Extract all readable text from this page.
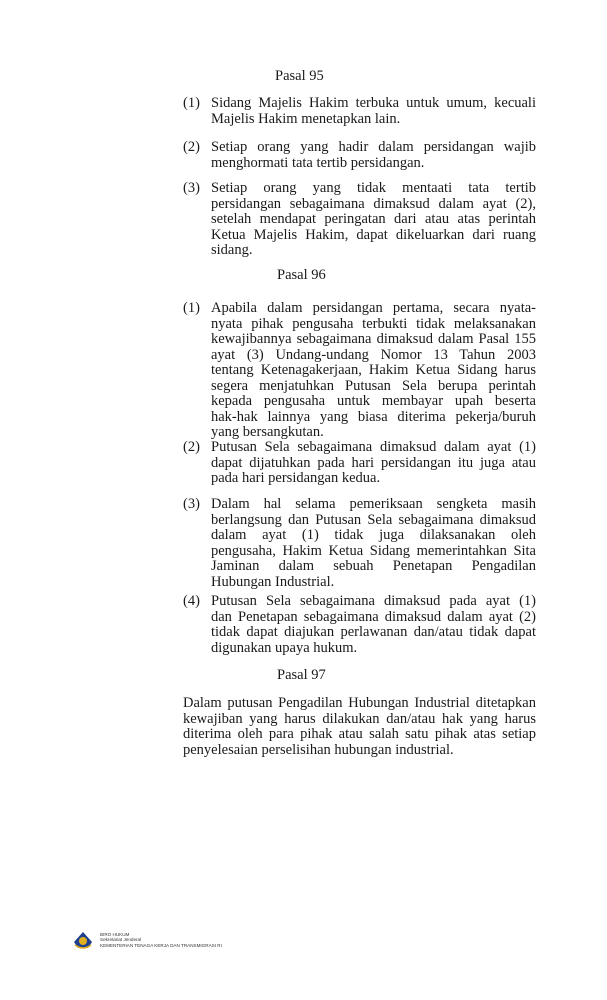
Pasal 95
Pasal 96
Pasal 97
(1) Sidang Majelis Hakim terbuka untuk umum, kecuali
Majelis Hakim menetapkan lain.
(2) Setiap orang yang hadir dalam persidangan wajib
menghormati tata tertib persidangan.
(3) Setiap orang yang tidak mentaati tata tertib
persidangan sebagaimana dimaksud dalam ayat (2),
setelah mendapat peringatan dari atau atas perintah
Ketua Majelis Hakim, dapat dikeluarkan dari ruang
sidang.
(1) Apabila dalam persidangan pertama, secara nyata-
nyata pihak pengusaha terbukti tidak melaksanakan
kewajibannya sebagaimana dimaksud dalam Pasal 155
ayat (3) Undang-undang Nomor 13 Tahun 2003
tentang Ketenagakerjaan, Hakim Ketua Sidang harus
segera menjatuhkan Putusan Sela berupa perintah
kepada pengusaha untuk membayar upah beserta
hak-hak lainnya yang biasa diterima pekerja/buruh
yang bersangkutan.
(2) Putusan Sela sebagaimana dimaksud dalam ayat (1)
dapat dijatuhkan pada hari persidangan itu juga atau
pada hari persidangan kedua.
(3) Dalam hal selama pemeriksaan sengketa masih
berlangsung dan Putusan Sela sebagaimana dimaksud
dalam ayat (1) tidak juga dilaksanakan oleh
pengusaha, Hakim Ketua Sidang memerintahkan Sita
Jaminan dalam sebuah Penetapan Pengadilan
Hubungan Industrial.
(4) Putusan Sela sebagaimana dimaksud pada ayat (1)
dan Penetapan sebagaimana dimaksud dalam ayat (2)
tidak dapat diajukan perlawanan dan/atau tidak dapat
digunakan upaya hukum.
Dalam putusan Pengadilan Hubungan Industrial ditetapkan
kewajiban yang harus dilakukan dan/atau hak yang harus
diterima oleh para pihak atau salah satu pihak atas setiap
penyelesaian perselisihan hubungan industrial.
BIRO HUKUM
Sekretariat Jenderal
KEMENTERIAN TENAGA KERJA DAN TRANSMIGRASI RI
